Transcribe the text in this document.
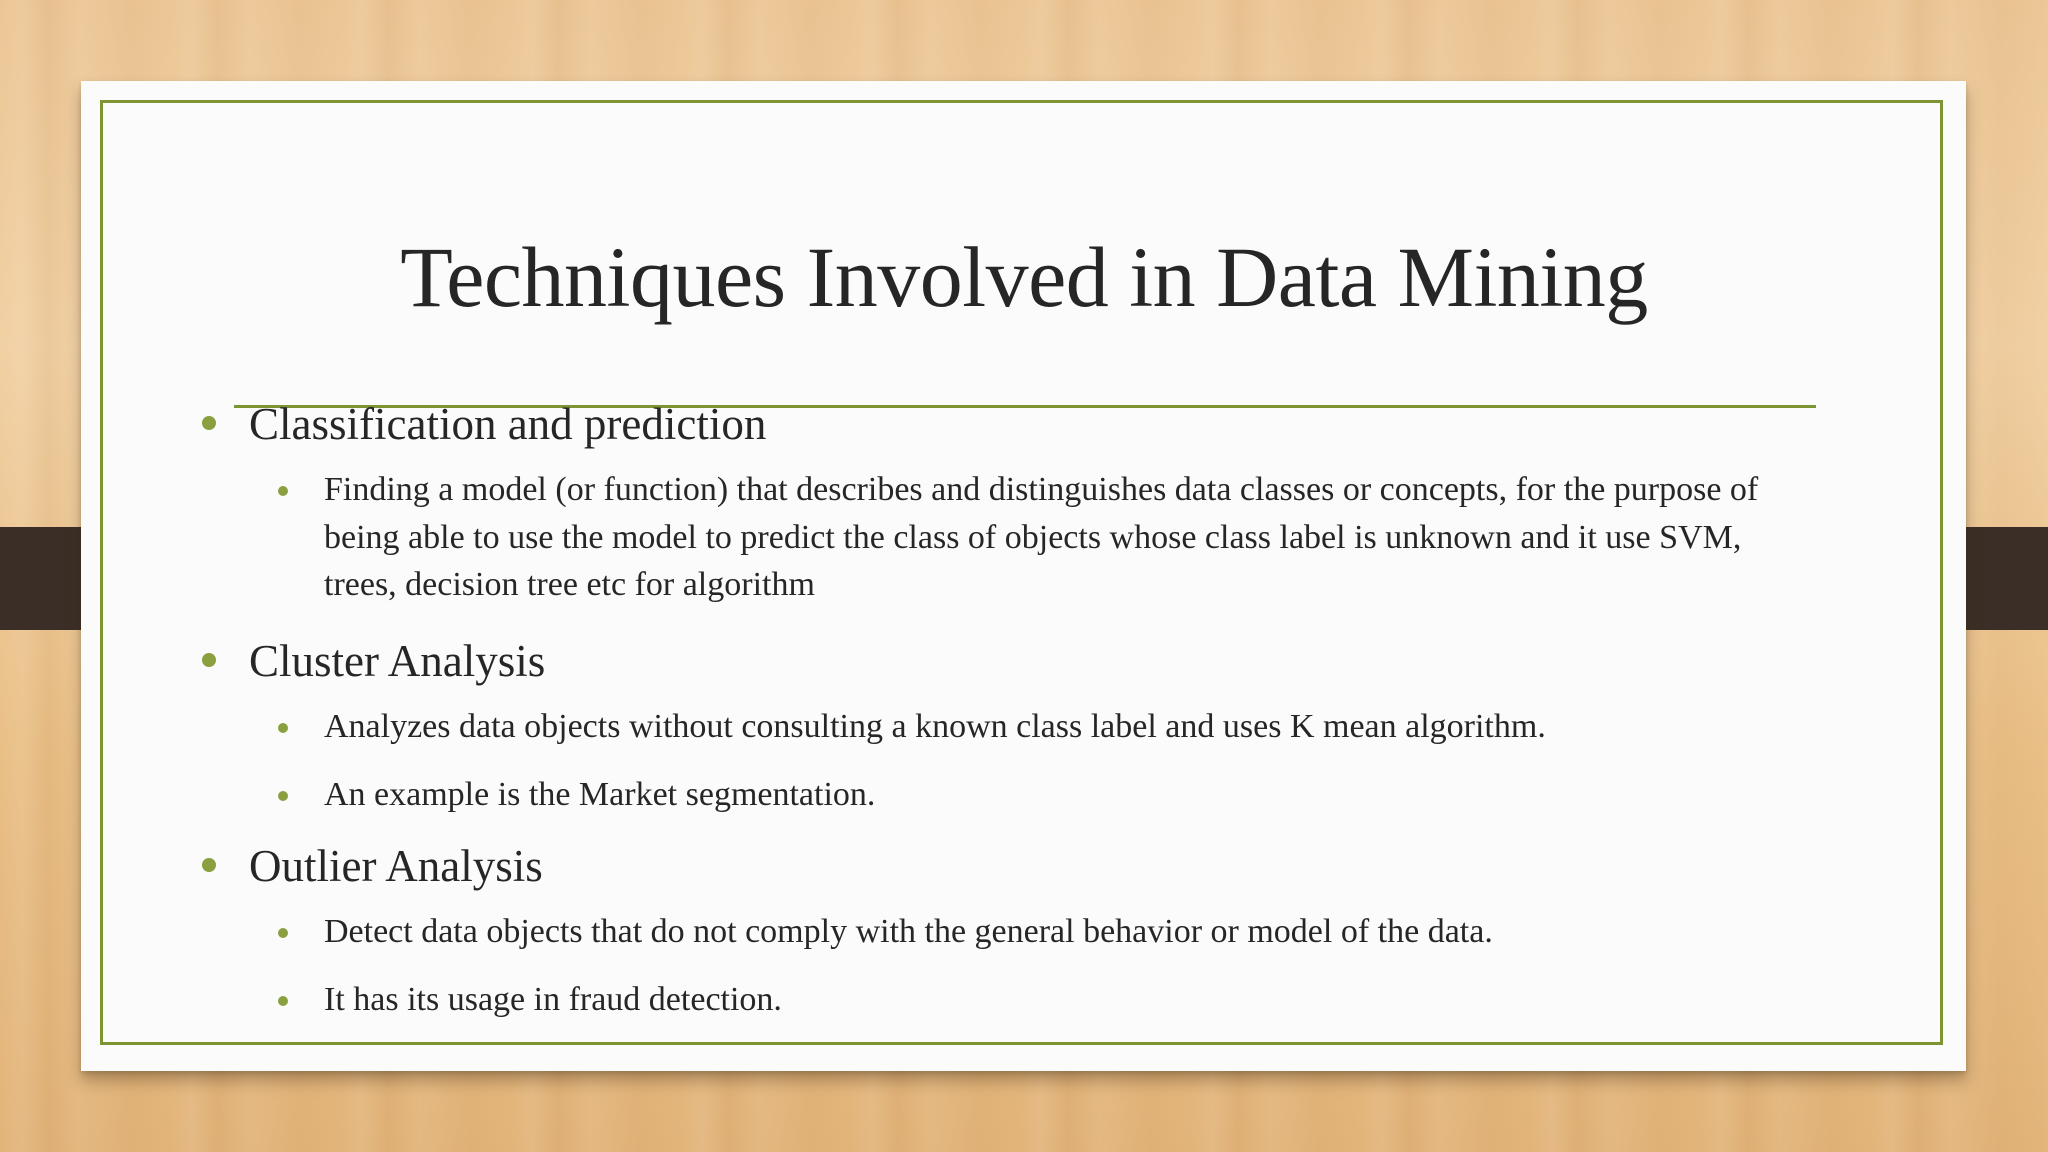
Techniques Involved in Data Mining
Classification and prediction
Finding a model (or function) that describes and distinguishes data classes or concepts, for the purpose of being able to use the model to predict the class of objects whose class label is unknown and it use SVM, trees, decision tree etc for algorithm
Cluster Analysis
Analyzes data objects without consulting a known class label and uses K mean algorithm.
An example is the Market segmentation.
Outlier Analysis
Detect data objects that do not comply with the general behavior or model of the data.
It has its usage in fraud detection.
